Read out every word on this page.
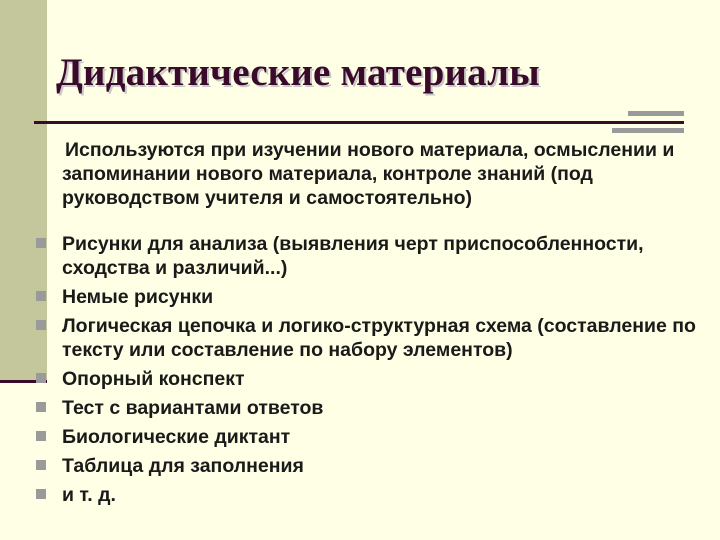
Дидактические материалы

Используются при изучении нового материала, осмыслении и запоминании нового материала, контроле знаний (под руководством учителя и самостоятельно)

Рисунки для анализа (выявления черт приспособленности, сходства и различий...)
Немые рисунки
Логическая цепочка и логико-структурная схема (составление по тексту или составление по набору элементов)
Опорный конспект
Тест с вариантами ответов
Биологические диктант
Таблица для заполнения
и т. д.
